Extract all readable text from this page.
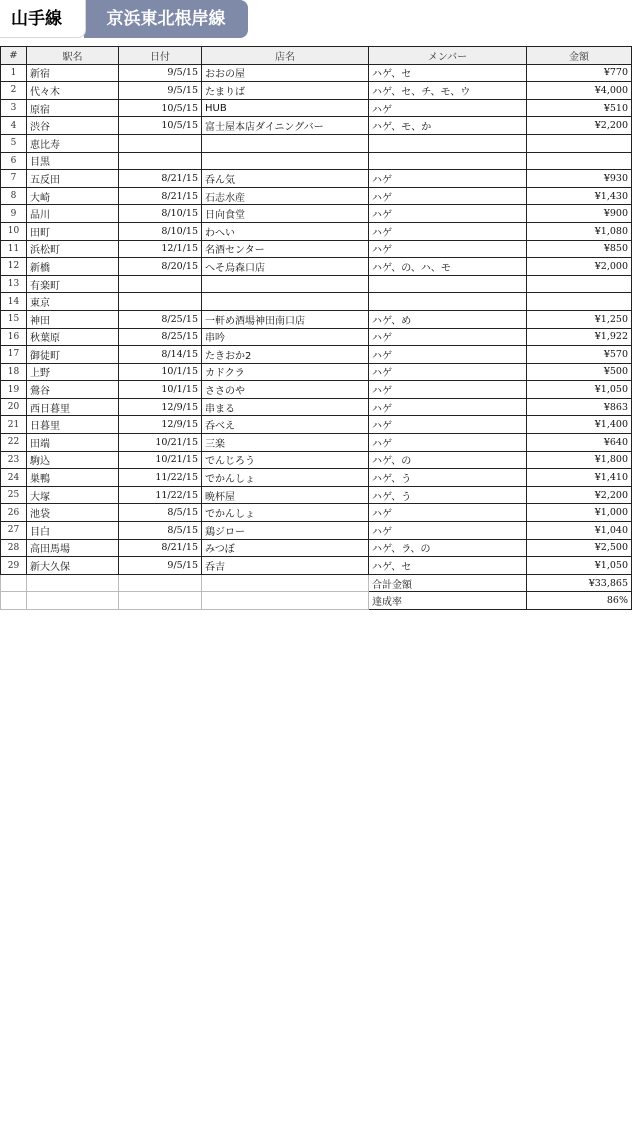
山手線	京浜東北根岸線
#	駅名	日付	店名	メンバー	金額
1	新宿	9/5/15	おおの屋	ハゲ、セ	¥770
2	代々木	9/5/15	たまりば	ハゲ、セ、チ、モ、ウ	¥4,000
3	原宿	10/5/15	HUB	ハゲ	¥510
4	渋谷	10/5/15	富士屋本店ダイニングバー	ハゲ、モ、か	¥2,200
5	恵比寿				
6	目黒				
7	五反田	8/21/15	呑ん気	ハゲ	¥930
8	大崎	8/21/15	石志水産	ハゲ	¥1,430
9	品川	8/10/15	日向食堂	ハゲ	¥900
10	田町	8/10/15	わへい	ハゲ	¥1,080
11	浜松町	12/1/15	名酒センター	ハゲ	¥850
12	新橋	8/20/15	へそ烏森口店	ハゲ、の、ハ、モ	¥2,000
13	有楽町				
14	東京				
15	神田	8/25/15	一軒め酒場神田南口店	ハゲ、め	¥1,250
16	秋葉原	8/25/15	串吟	ハゲ	¥1,922
17	御徒町	8/14/15	たきおか2	ハゲ	¥570
18	上野	10/1/15	カドクラ	ハゲ	¥500
19	鶯谷	10/1/15	ささのや	ハゲ	¥1,050
20	西日暮里	12/9/15	串まる	ハゲ	¥863
21	日暮里	12/9/15	呑べえ	ハゲ	¥1,400
22	田端	10/21/15	三楽	ハゲ	¥640
23	駒込	10/21/15	でんじろう	ハゲ、の	¥1,800
24	巣鴨	11/22/15	でかんしょ	ハゲ、う	¥1,410
25	大塚	11/22/15	晩杯屋	ハゲ、う	¥2,200
26	池袋	8/5/15	でかんしょ	ハゲ	¥1,000
27	目白	8/5/15	鶏ジロー	ハゲ	¥1,040
28	高田馬場	8/21/15	みつぼ	ハゲ、ラ、の	¥2,500
29	新大久保	9/5/15	呑吉	ハゲ、セ	¥1,050
				合計金額	¥33,865
				達成率	86%
